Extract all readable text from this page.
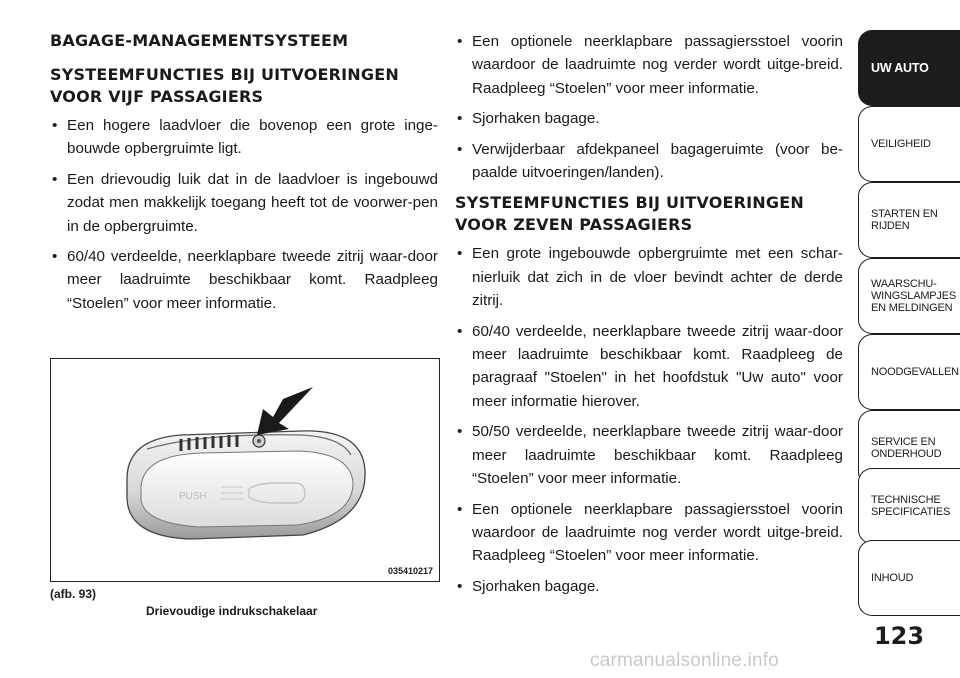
BAGAGE-MANAGEMENTSYSTEEM
SYSTEEMFUNCTIES BIJ UITVOERINGEN VOOR VIJF PASSAGIERS
• Een hogere laadvloer die bovenop een grote inge-bouwde opbergruimte ligt.
• Een drievoudig luik dat in de laadvloer is ingebouwd zodat men makkelijk toegang heeft tot de voorwer-pen in de opbergruimte.
• 60/40 verdeelde, neerklapbare tweede zitrij waar-door meer laadruimte beschikbaar komt. Raadpleeg “Stoelen” voor meer informatie.
PUSH
035410217
(afb. 93)
Drievoudige indrukschakelaar
• Een optionele neerklapbare passagiersstoel voorin waardoor de laadruimte nog verder wordt uitge-breid. Raadpleeg “Stoelen” voor meer informatie.
• Sjorhaken bagage.
• Verwijderbaar afdekpaneel bagageruimte (voor be-paalde uitvoeringen/landen).
SYSTEEMFUNCTIES BIJ UITVOERINGEN VOOR ZEVEN PASSAGIERS
• Een grote ingebouwde opbergruimte met een schar-nierluik dat zich in de vloer bevindt achter de derde zitrij.
• 60/40 verdeelde, neerklapbare tweede zitrij waar-door meer laadruimte beschikbaar komt. Raadpleeg de paragraaf "Stoelen" in het hoofdstuk "Uw auto" voor meer informatie hierover.
• 50/50 verdeelde, neerklapbare tweede zitrij waar-door meer laadruimte beschikbaar komt. Raadpleeg “Stoelen” voor meer informatie.
• Een optionele neerklapbare passagiersstoel voorin waardoor de laadruimte nog verder wordt uitge-breid. Raadpleeg “Stoelen” voor meer informatie.
• Sjorhaken bagage.
UW AUTO
VEILIGHEID
STARTEN EN
RIJDEN
WAARSCHU-
WINGSLAMPJES
EN MELDINGEN
NOODGEVALLEN
SERVICE EN
ONDERHOUD
TECHNISCHE
SPECIFICATIES
INHOUD
123
carmanualsonline.info
